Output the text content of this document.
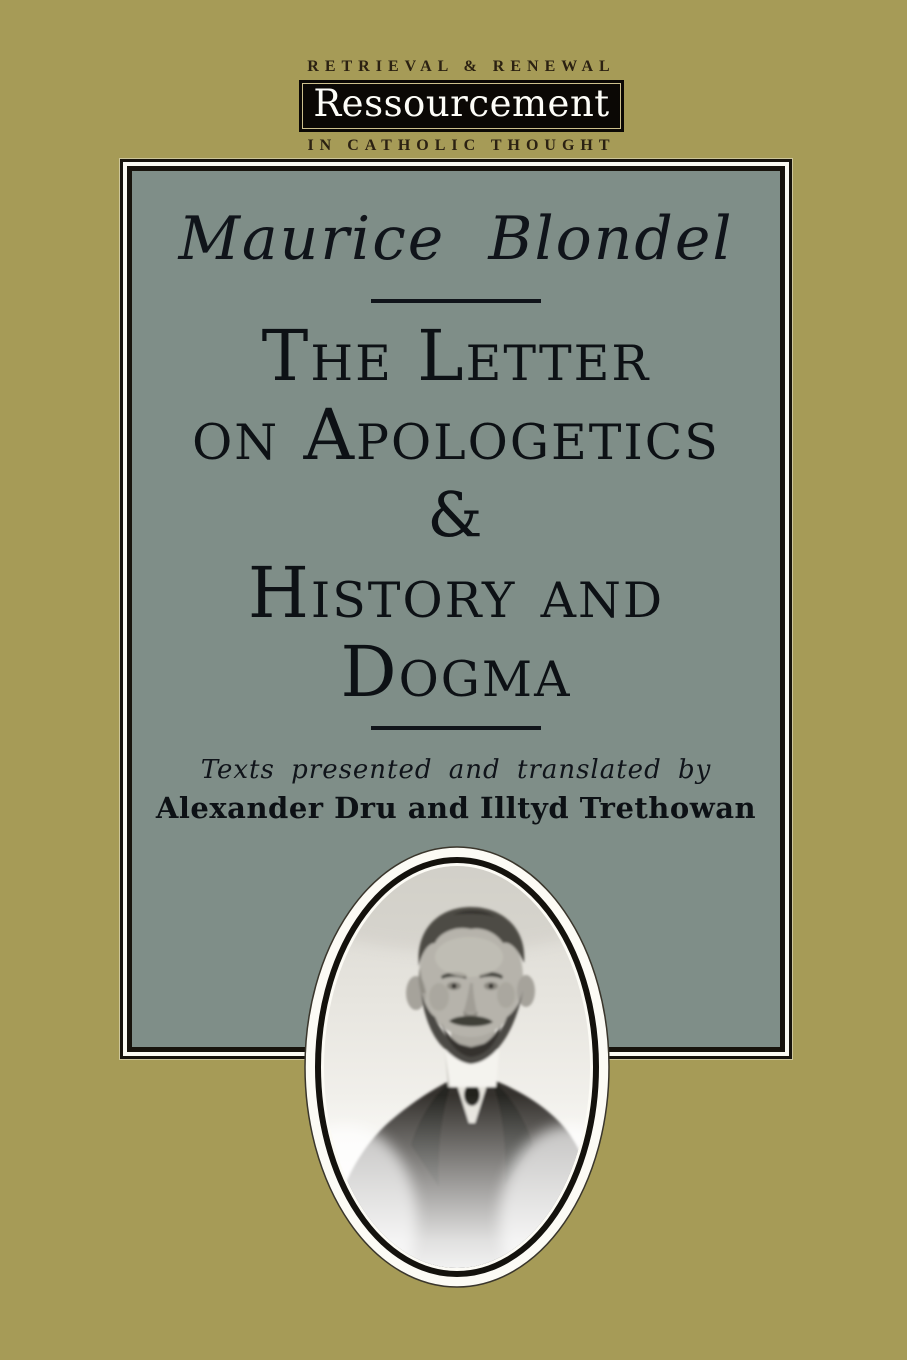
RETRIEVAL & RENEWAL
Ressourcement
IN CATHOLIC THOUGHT
Maurice Blondel
The Letter
on Apologetics
&
History and
Dogma
Texts presented and translated by
Alexander Dru and Illtyd Trethowan
